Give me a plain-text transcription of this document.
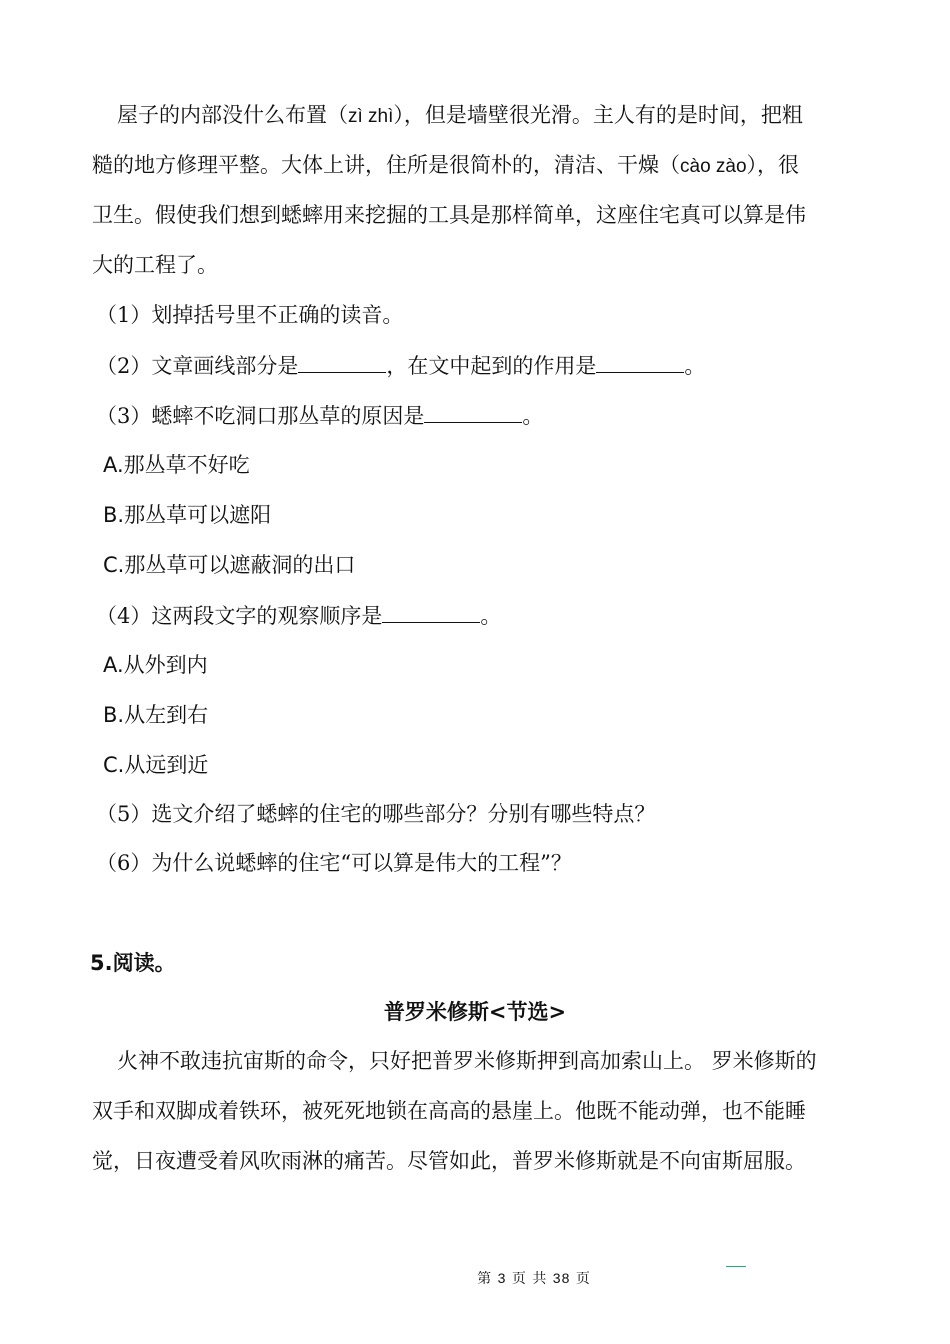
屋子的内部没什么布置（zì zhì），但是墙壁很光滑。主人有的是时间，把粗
糙的地方修理平整。大体上讲，住所是很简朴的，清洁、干燥（cào zào），很
卫生。假使我们想到蟋蟀用来挖掘的工具是那样简单，这座住宅真可以算是伟
大的工程了。
（1）划掉括号里不正确的读音。
（2）文章画线部分是	，在文中起到的作用是	。
（3）蟋蟀不吃洞口那丛草的原因是	。
A.那丛草不好吃
B.那丛草可以遮阳
C.那丛草可以遮蔽洞的出口
（4）这两段文字的观察顺序是	。
A.从外到内
B.从左到右
C.从远到近
（5）选文介绍了蟋蟀的住宅的哪些部分？分别有哪些特点？
（6）为什么说蟋蟀的住宅“可以算是伟大的工程”？
5.阅读。
普罗米修斯<节选>
火神不敢违抗宙斯的命令，只好把普罗米修斯押到高加索山上。 罗米修斯的
双手和双脚成着铁环，被死死地锁在高高的悬崖上。他既不能动弹，也不能睡
觉，日夜遭受着风吹雨淋的痛苦。尽管如此，普罗米修斯就是不向宙斯屈服。
第 3 页 共 38 页
